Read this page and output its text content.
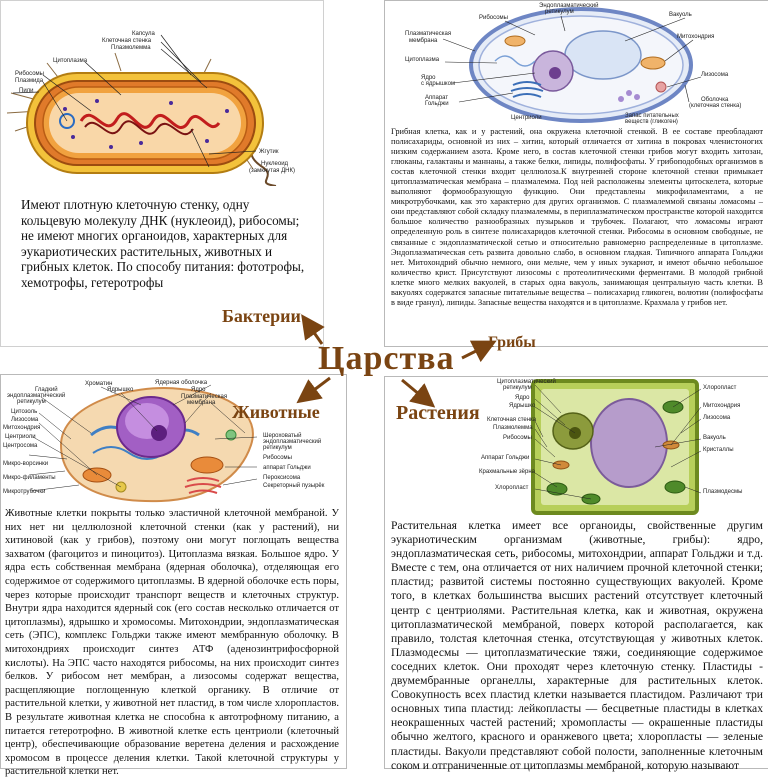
Капсула
Клеточная стенка
Плазмолемма
Цитоплазма
Рибосомы
Плазмида
Пили
Жгутик
Нуклеоид
(замкнутая ДНК)
Имеют плотную клеточную стенку, одну кольцевую молекулу ДНК (нуклеоид), рибосомы; не имеют многих органоидов, характерных для эукариотических растительных, животных и грибных клеток. По способу питания: фототрофы, хемотрофы, гетеротрофы
Эндоплазматический
ретикулум
Рибосомы	Вакуоль
Плазматическая
мембрана
Митохондрия
Цитоплазма
Ядро
с ядрышком
Лизосома
Аппарат
Гольджи
Центриоли	Запас питательных
веществ (гликоген)
Оболочка
(клеточная стенка)
Грибная клетка, как и у растений, она окружена клеточной стенкой. В ее составе преобладают полисахариды, основной из них – хитин, который отличается от хитина в покровах членистоногих низким содержанием азота. Кроме него, в состав клеточной стенки грибов могут входить хитозан, глюканы, галактаны и маннаны, а также белки, липиды, полифосфаты. У грибоподобных организмов в состав клеточной стенки входит целлюлоза.К внутренней стороне клеточной стенки примыкает цитоплазматическая мембрана – плазмалемма. Под ней расположены элементы цитоскелета, которые выполняют формообразующую функцию. Они представлены микрофиламентами, а не микротрубочками, как это характерно для других организмов. С плазмалеммой связаны ломасомы – они представляют собой складку плазмалеммы, в периплазматическом пространстве которой находится большое количество разнообразных пузырьков и трубочек. Полагают, что ломасомы играют определенную роль в синтезе полисахаридов клеточной стенки. Рибосомы в основном свободные, не связанные с эндоплазматической сетью и относительно равномерно распределенные в цитоплазме. Эндоплазматическая сеть развита довольно слабо, в основном гладкая. Типичного аппарата Гольджи нет. Митохондрий обычно немного, они мельче, чем у иных эукариот, и имеют обычно небольшое количество крист. Присутствуют лизосомы с протеолитическими ферментами. В молодой грибной клетке много мелких вакуолей, в старых одна вакуоль, занимающая центральную часть клетки. В вакуолях содержатся запасные питательные вещества – полисахарид гликоген, волютин (полифосфаты в виде гранул), липиды. Запасные вещества находятся и в цитоплазме. Крахмала у грибов нет.
Хроматин
Ядрышко
Ядерная оболочка
Ядро
Плазматическая
мембрана
Гладкий
эндоплазматический
ретикулум
Цитозоль
Лизосома
Митохондрия
Центриоли
Центросома
Микро-ворсинки
Микро-филаменты
Микротрубочки
Шероховатый
эндоплазматический
ретикулум
Рибосомы
аппарат Гольджи
Пероксисома
Секреторный пузырёк
Животные клетки покрыты только эластичной клеточной мембраной. У них нет ни целлюлозной клеточной стенки (как у растений), ни хитиновой (как у грибов), поэтому они могут поглощать вещества захватом (фагоцитоз и пиноцитоз). Цитоплазма вязкая. Большое ядро. У ядра есть собственная мембрана (ядерная оболочка), отделяющая его содержимое от содержимого цитоплазмы. В ядерной оболочке есть поры, через которые происходит транспорт веществ и клеточных структур. Внутри ядра находится ядерный сок (его состав несколько отличается от цитоплазмы), ядрышко и хромосомы. Митохондрии, эндоплазматическая сеть (ЭПС), комплекс Гольджи также имеют мембранную оболочку. В митохондриях происходит синтез АТФ (аденозинтрифосфорной кислоты). На ЭПС часто находятся рибосомы, на них происходит синтез белков. У рибосом нет мембран, а лизосомы содержат вещества, расщепляющие поглощенную клеткой органику. В отличие от растительной клетки, у животной нет пластид, в том числе хлоропластов. В результате животная клетка не способна к автотрофному питанию, а питается гетеротрофно. В животной клетке есть центриоли (клеточный центр), обеспечивающие образование веретена деления и расхождение хромосом в процессе деления клетки. Такой клеточной структуры у растительной клетки нет.
Цитоплазматический
ретикулум
Ядро
Ядрышко
Клеточная стенка
Плазмолемма
Рибосомы
Аппарат Гольджи
Крахмальные зёрна
Хлоропласт
Хлоропласт
Митохондрия
Лизосома
Вакуоль
Кристаллы
Плазмодесмы
Растительная клетка имеет все органоиды, свойственные другим эукариотическим организмам (животные, грибы): ядро, эндоплазматическая сеть, рибосомы, митохондрии, аппарат Гольджи и т.д. Вместе с тем, она отличается от них наличием прочной клеточной стенки; пластид; развитой системы постоянно существующих вакуолей. Кроме того, в клетках большинства высших растений отсутствует клеточный центр с центриолями. Растительная клетка, как и животная, окружена цитоплазматической мембраной, поверх которой располагается, как правило, толстая клеточная стенка, отсутствующая у животных клеток. Плазмодесмы — цитоплазматические тяжи, соединяющие содержимое соседних клеток. Они проходят через клеточную стенку. Пластиды - двумембранные органеллы, характерные для растительных клеток. Совокупность всех пластид клетки называется пластидом. Различают три основных типа пластид: лейкопласты — бесцветные пластиды в клетках неокрашенных частей растений; хромопласты — окрашенные пластиды обычно желтого, красного и оранжевого цвета; хлоропласты — зеленые пластиды. Вакуоли представляют собой полости, заполненные клеточным соком и отграниченные от цитоплазмы мембраной, которую называют
Царства
Бактерии
Грибы
Животные	Растения
